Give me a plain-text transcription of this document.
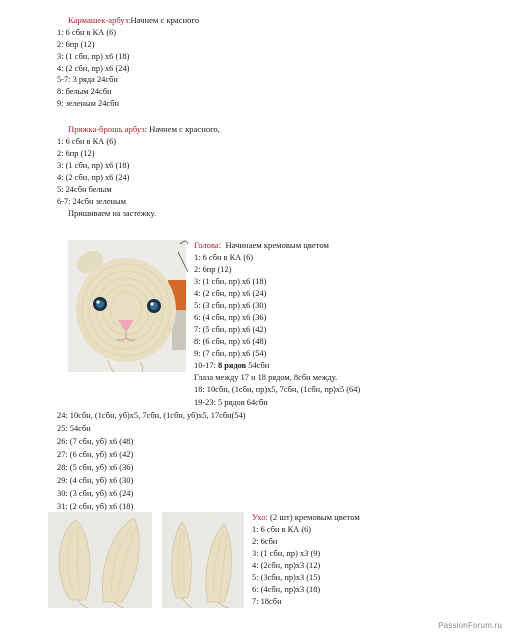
Кармашек-арбуз:Начнем с красного
1: 6 сбн в КА (6)
2: 6пр (12)
3: (1 сбн, пр) х6 (18)
4: (2 сбн, пр) х6 (24)
5-7: 3 ряда 24сбн
8: белым 24сбн
9: зеленым 24сбн
Пряжка-брошь арбуз: Начнем с красного,
1: 6 сбн в КА (6)
2: 6пр (12)
3: (1 сбн, пр) х6 (18)
4: (2 сбн, пр) х6 (24)
5: 24сбн белым
6-7: 24сбн зеленым
Пришиваем на застежку.
Голова: Начинаем кремовым цветом
1: 6 сбн в КА (6)
2: 6пр (12)
3: (1 сбн, пр) х6 (18)
4: (2 сбн, пр) х6 (24)
5: (3 сбн, пр) х6 (30)
6: (4 сбн, пр) х6 (36)
7: (5 сбн, пр) х6 (42)
8: (6 сбн, пр) х6 (48)
9: (7 сбн, пр) х6 (54)
10-17: 8 рядов 54сбн
Глаза между 17 и 18 рядом, 8сбн между.
18: 10сбн, (1сбн, пр)х5, 7сбн, (1сбн, пр)х5 (64)
19-23: 5 рядов 64сбн
24: 10сбн, (1сбн, уб)х5, 7сбн, (1сбн, уб)х5, 17сбн(54)
25: 54сбн
26: (7 сбн, уб) х6 (48)
27: (6 сбн, уб) х6 (42)
28: (5 сбн, уб) х6 (36)
29: (4 сбн, уб) х6 (30)
30: (3 сбн, уб) х6 (24)
31: (2 сбн, уб) х6 (18)
Ухо: (2 шт) кремовым цветом
1: 6 сбн в КА (6)
2: 6сбн
3: (1 сбн, пр) х3 (9)
4: (2сбн, пр)х3 (12)
5: (3сбн, пр)х3 (15)
6: (4сбн, пр)х3 (18)
7: 18сбн
PassionForum.ru
